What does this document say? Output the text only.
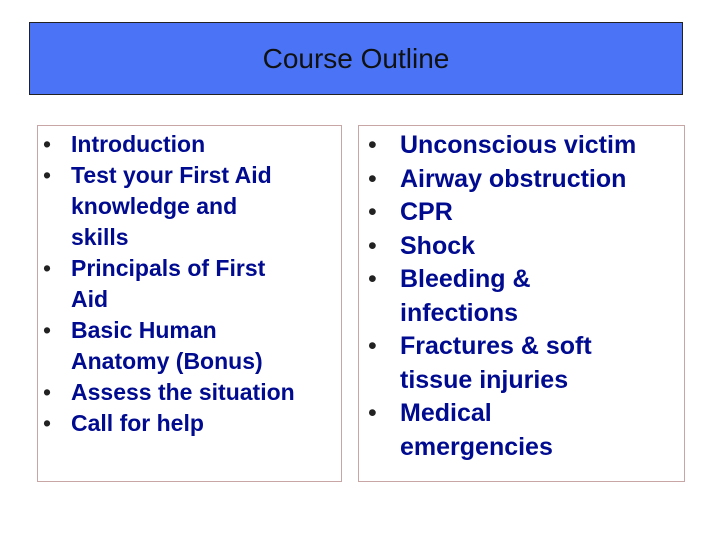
Course Outline
• Introduction
• Test your First Aid
knowledge and
skills
• Principals of First
Aid
• Basic Human
Anatomy (Bonus)
• Assess the situation
• Call for help
• Unconscious victim
• Airway obstruction
• CPR
• Shock
• Bleeding &
infections
• Fractures & soft
tissue injuries
• Medical
emergencies
